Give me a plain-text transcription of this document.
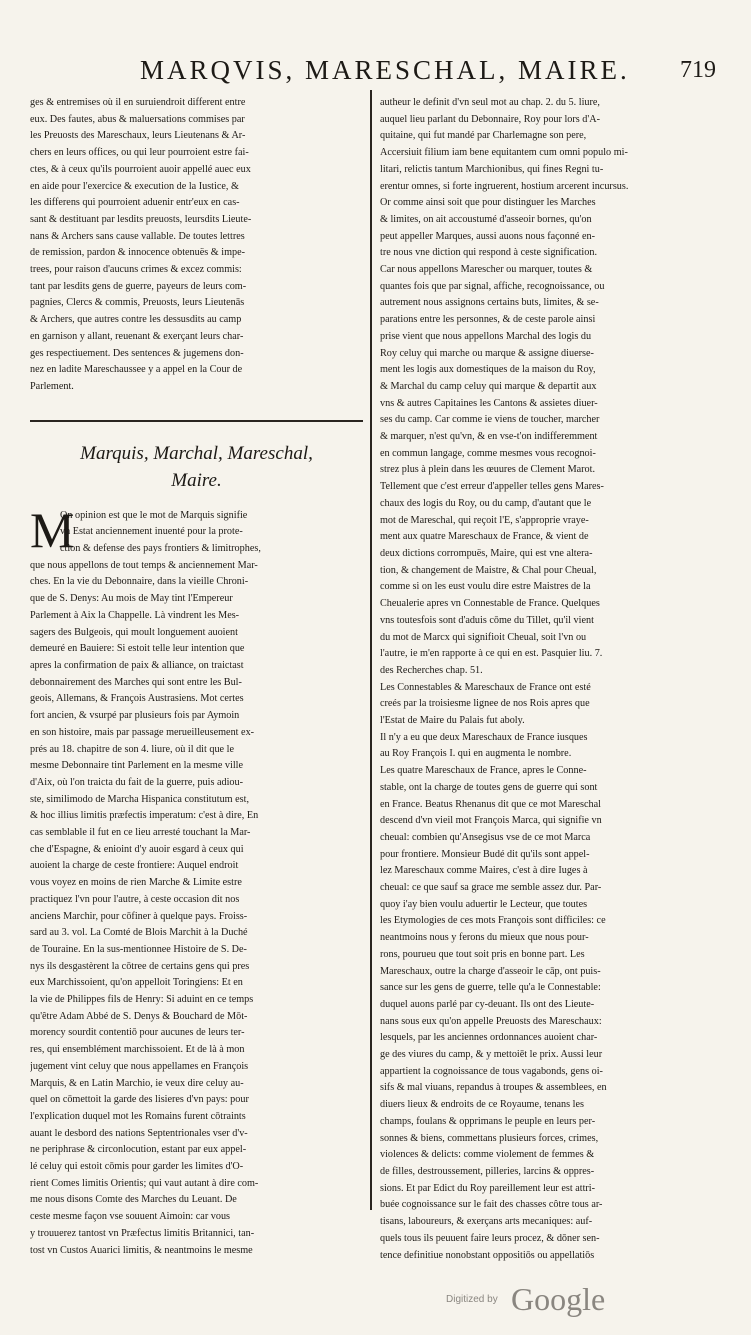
MARQVIS, MARESCHAL, MAIRE. 719
ges & entremises où il en suruiendroit different entre
eux. Des fautes, abus & maluersations commises par
les Preuosts des Mareschaux, leurs Lieutenans & Ar-
chers en leurs offices, ou qui leur pourroient estre fai-
ctes, & à ceux qu'ils pourroient auoir appellé auec eux
en aide pour l'exercice & execution de la Iustice, &
les differens qui pourroient aduenir entr'eux en cas-
sant & destituant par lesdits preuosts, leursdits Lieute-
nans & Archers sans cause vallable. De toutes lettres
de remission, pardon & innocence obtenuës & impe-
trees, pour raison d'aucuns crimes & excez commis:
tant par lesdits gens de guerre, payeurs de leurs com-
pagnies, Clercs & commis, Preuosts, leurs Lieutenās
& Archers, que autres contre les dessusdits au camp
en garnison y allant, reuenant & exerçant leurs char-
ges respectiuement. Des sentences & jugemens don-
nez en ladite Mareschaussee y a appel en la Cour de
Parlement.
Marquis, Marchal, Mareschal,
Maire.
M
On opinion est que le mot de Marquis signifie
vn Estat anciennement inuenté pour la prote-
ction & defense des pays frontiers & limitrophes,
que nous appellons de tout temps & anciennement Mar-
ches. En la vie du Debonnaire, dans la vieille Chroni-
que de S. Denys: Au mois de May tint l'Empereur
Parlement à Aix la Chappelle. Là vindrent les Mes-
sagers des Bulgeois, qui moult longuement auoient
demeuré en Bauiere: Si estoit telle leur intention que
apres la confirmation de paix & alliance, on traictast
debonnairement des Marches qui sont entre les Bul-
geois, Allemans, & François Austrasiens. Mot certes
fort ancien, & vsurpé par plusieurs fois par Aymoin
en son histoire, mais par passage merueilleusement ex-
prés au 18. chapitre de son 4. liure, où il dit que le
mesme Debonnaire tint Parlement en la mesme ville
d'Aix, où l'on traicta du fait de la guerre, puis adiou-
ste, similimodo de Marcha Hispanica constitutum est,
& hoc illius limitis præfectis imperatum: c'est à dire, En
cas semblable il fut en ce lieu arresté touchant la Mar-
che d'Espagne, & enioint d'y auoir esgard à ceux qui
auoient la charge de ceste frontiere: Auquel endroit
vous voyez en moins de rien Marche & Limite estre
practiquez l'vn pour l'autre, à ceste occasion dit nos
anciens Marchir, pour cōfiner à quelque pays. Froiss-
sard au 3. vol. La Comté de Blois Marchit à la Duché
de Touraine. En la sus-mentionnee Histoire de S. De-
nys ils desgastèrent la cōtree de certains gens qui pres
eux Marchissoient, qu'on appelloit Toringiens: Et en
la vie de Philippes fils de Henry: Si aduint en ce temps
qu'être Adam Abbé de S. Denys & Bouchard de Mōt-
morency sourdit contentiō pour aucunes de leurs ter-
res, qui ensemblément marchissoient. Et de là à mon
jugement vint celuy que nous appellames en François
Marquis, & en Latin Marchio, ie veux dire celuy au-
quel on cōmettoit la garde des lisieres d'vn pays: pour
l'explication duquel mot les Romains furent cōtraints
auant le desbord des nations Septentrionales vser d'v-
ne periphrase & circonlocution, estant par eux appel-
lé celuy qui estoit cōmis pour garder les limites d'O-
rient Comes limitis Orientis; qui vaut autant à dire com-
me nous disons Comte des Marches du Leuant. De
ceste mesme façon vse souuent Aimoin: car vous
y trouuerez tantost vn Præfectus limitis Britannici, tan-
tost vn Custos Auarici limitis, & neantmoins le mesme
autheur le definit d'vn seul mot au chap. 2. du 5. liure,
auquel lieu parlant du Debonnaire, Roy pour lors d'A-
quitaine, qui fut mandé par Charlemagne son pere,
Accersiuit filium iam bene equitantem cum omni populo mi-
litari, relictis tantum Marchionibus, qui fines Regni tu-
erentur omnes, si forte ingruerent, hostium arcerent incursus.
Or comme ainsi soit que pour distinguer les Marches
& limites, on ait accoustumé d'asseoir bornes, qu'on
peut appeller Marques, aussi auons nous façonné en-
tre nous vne diction qui respond à ceste signification.
Car nous appellons Marescher ou marquer, toutes &
quantes fois que par signal, affiche, recognoissance, ou
autrement nous assignons certains buts, limites, & se-
parations entre les personnes, & de ceste parole ainsi
prise vient que nous appellons Marchal des logis du
Roy celuy qui marche ou marque & assigne diuerse-
ment les logis aux domestiques de la maison du Roy,
& Marchal du camp celuy qui marque & departit aux
vns & autres Capitaines les Cantons & assietes diuer-
ses du camp. Car comme ie viens de toucher, marcher
& marquer, n'est qu'vn, & en vse-t'on indifferemment
en commun langage, comme mesmes vous recognoi-
strez plus à plein dans les œuures de Clement Marot.
Tellement que c'est erreur d'appeller telles gens Mares-
chaux des logis du Roy, ou du camp, d'autant que le
mot de Mareschal, qui reçoit l'E, s'approprie vraye-
ment aux quatre Mareschaux de France, & vient de
deux dictions corrompuës, Maire, qui est vne altera-
tion, & changement de Maistre, & Chal pour Cheual,
comme si on les eust voulu dire estre Maistres de la
Cheualerie apres vn Connestable de France. Quelques
vns toutesfois sont d'aduis cōme du Tillet, qu'il vient
du mot de Marcx qui signifioit Cheual, soit l'vn ou
l'autre, ie m'en rapporte à ce qui en est. Pasquier liu. 7.
des Recherches chap. 51.
Les Connestables & Mareschaux de France ont esté
creés par la troisiesme lignee de nos Rois apres que
l'Estat de Maire du Palais fut aboly.
Il n'y a eu que deux Mareschaux de France iusques
au Roy François I. qui en augmenta le nombre.
Les quatre Mareschaux de France, apres le Conne-
stable, ont la charge de toutes gens de guerre qui sont
en France. Beatus Rhenanus dit que ce mot Mareschal
descend d'vn vieil mot François Marca, qui signifie vn
cheual: combien qu'Ansegisus vse de ce mot Marca
pour frontiere. Monsieur Budé dit qu'ils sont appel-
lez Mareschaux comme Maires, c'est à dire Iuges à
cheual: ce que sauf sa grace me semble assez dur. Par-
quoy i'ay bien voulu aduertir le Lecteur, que toutes
les Etymologies de ces mots François sont difficiles: ce
neantmoins nous y ferons du mieux que nous pour-
rons, pourueu que tout soit pris en bonne part. Les
Mareschaux, outre la charge d'asseoir le cāp, ont puis-
sance sur les gens de guerre, telle qu'a le Connestable:
duquel auons parlé par cy-deuant. Ils ont des Lieute-
nans sous eux qu'on appelle Preuosts des Mareschaux:
lesquels, par les anciennes ordonnances auoient char-
ge des viures du camp, & y mettoiēt le prix. Aussi leur
appartient la cognoissance de tous vagabonds, gens oi-
sifs & mal viuans, repandus à troupes & assemblees, en
diuers lieux & endroits de ce Royaume, tenans les
champs, foulans & opprimans le peuple en leurs per-
sonnes & biens, commettans plusieurs forces, crimes,
violences & delicts: comme violement de femmes &
de filles, destroussement, pilleries, larcins & oppres-
sions. Et par Edict du Roy pareillement leur est attri-
buée cognoissance sur le fait des chasses côtre tous ar-
tisans, laboureurs, & exerçans arts mecaniques: auf-
quels tous ils peuuent faire leurs procez, & dōner sen-
tence definitiue nonobstant oppositiōs ou appellatiōs
Digitized by Google
